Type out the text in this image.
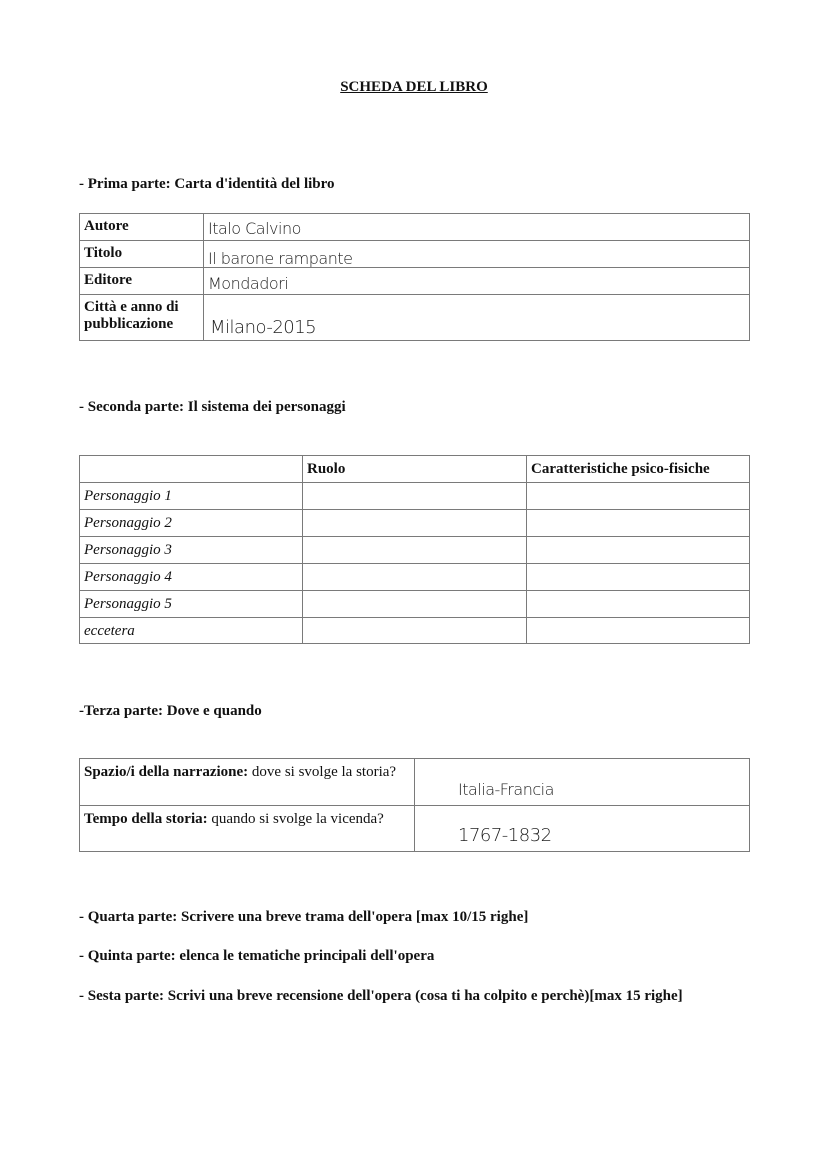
SCHEDA DEL LIBRO
- Prima parte: Carta d'identità del libro
Autore	Italo Calvino
Titolo	Il barone rampante
Editore	Mondadori
Città e anno di pubblicazione	Milano-2015
- Seconda parte: Il sistema dei personaggi
	Ruolo	Caratteristiche psico-fisiche
Personaggio 1		
Personaggio 2		
Personaggio 3		
Personaggio 4		
Personaggio 5		
eccetera		
-Terza parte: Dove e quando
Spazio/i della narrazione: dove si svolge la storia?	Italia-Francia
Tempo della storia: quando si svolge la vicenda?	1767-1832
- Quarta parte: Scrivere una breve trama dell'opera [max 10/15 righe]
- Quinta parte: elenca le tematiche principali dell'opera
- Sesta parte: Scrivi una breve recensione dell'opera (cosa ti ha colpito e perchè)[max 15 righe]
